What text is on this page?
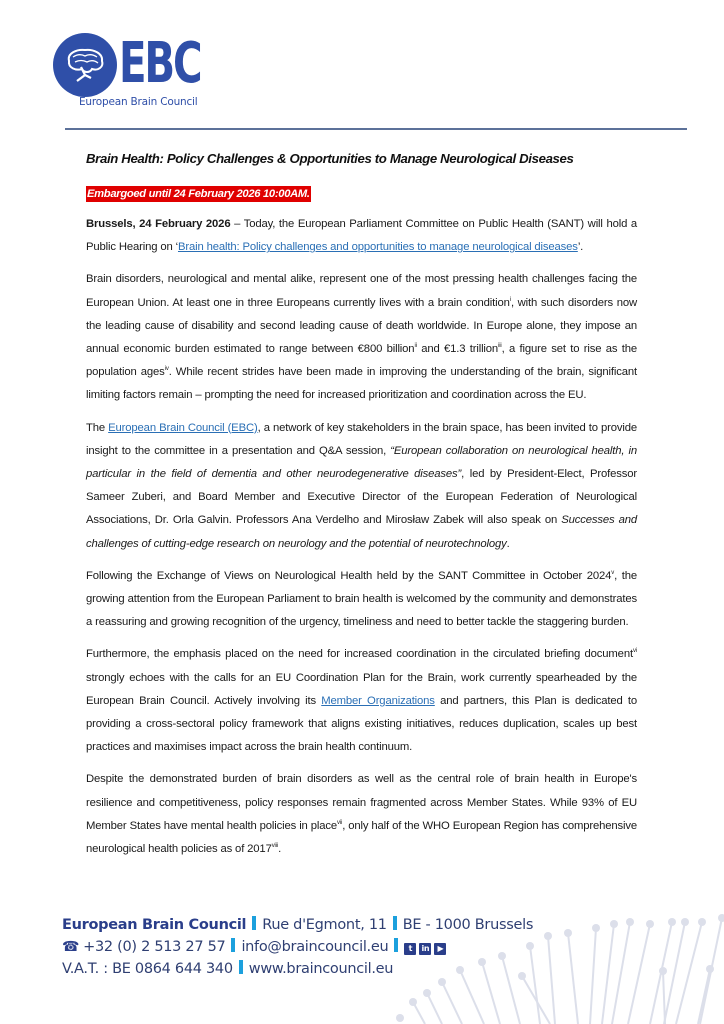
EBC
European Brain Council
Brain Health: Policy Challenges & Opportunities to Manage Neurological Diseases
Embargoed until 24 February 2026 10:00AM.

Brussels, 24 February 2026 – Today, the European Parliament Committee on Public Health (SANT) will hold a Public Hearing on ‘Brain health: Policy challenges and opportunities to manage neurological diseases’.

Brain disorders, neurological and mental alike, represent one of the most pressing health challenges facing the European Union. At least one in three Europeans currently lives with a brain condition$^i$, with such disorders now the leading cause of disability and second leading cause of death worldwide. In Europe alone, they impose an annual economic burden estimated to range between €800 billion$^{ii}$ and €1.3 trillion$^{iii}$, a figure set to rise as the population ages$^{iv}$. While recent strides have been made in improving the understanding of the brain, significant limiting factors remain – prompting the need for increased prioritization and coordination across the EU.

The European Brain Council (EBC), a network of key stakeholders in the brain space, has been invited to provide insight to the committee in a presentation and Q&A session, “European collaboration on neurological health, in particular in the field of dementia and other neurodegenerative diseases”, led by President-Elect, Professor Sameer Zuberi, and Board Member and Executive Director of the European Federation of Neurological Associations, Dr. Orla Galvin. Professors Ana Verdelho and Mirosław Zabek will also speak on Successes and challenges of cutting-edge research on neurology and the potential of neurotechnology.

Following the Exchange of Views on Neurological Health held by the SANT Committee in October 2024$^v$, the growing attention from the European Parliament to brain health is welcomed by the community and demonstrates a reassuring and growing recognition of the urgency, timeliness and need to better tackle the staggering burden.

Furthermore, the emphasis placed on the need for increased coordination in the circulated briefing document$^{vi}$ strongly echoes with the calls for an EU Coordination Plan for the Brain, work currently spearheaded by the European Brain Council. Actively involving its Member Organizations and partners, this Plan is dedicated to providing a cross-sectoral policy framework that aligns existing initiatives, reduces duplication, scales up best practices and maximises impact across the brain health continuum.

Despite the demonstrated burden of brain disorders as well as the central role of brain health in Europe's resilience and competitiveness, policy responses remain fragmented across Member States. While 93% of EU Member States have mental health policies in place$^{vii}$, only half of the WHO European Region has comprehensive neurological health policies as of 2017$^{viii}$.

European Brain Council Rue d'Egmont, 11 BE - 1000 Brussels
☎ +32 (0) 2 513 27 57 info@braincouncil.eu	t in ▶
V.A.T. : BE 0864 644 340 www.braincouncil.eu
